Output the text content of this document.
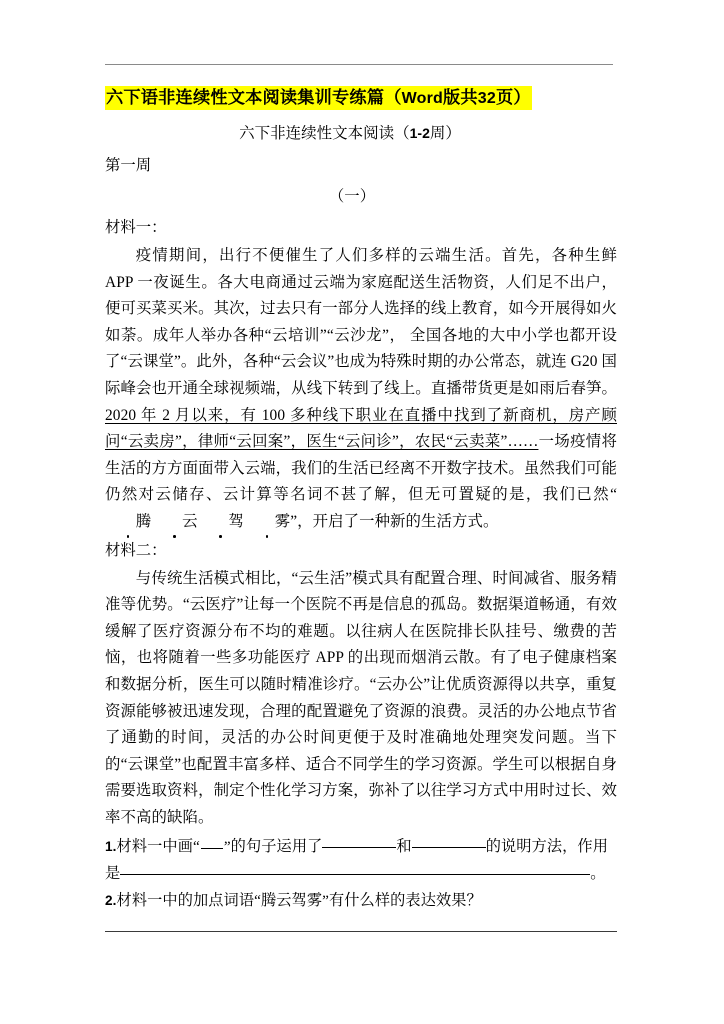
六下语非连续性文本阅读集训专练篇（Word版共32页）
六下非连续性文本阅读（1-2周）
第一周
（一）
材料一：

疫情期间，出行不便催生了人们多样的云端生活。首先，各种生鲜 APP 一夜诞生。各大电商通过云端为家庭配送生活物资，人们足不出户，便可买菜买米。其次，过去只有一部分人选择的线上教育，如今开展得如火如荼。成年人举办各种“云培训”“云沙龙”， 全国各地的大中小学也都开设了“云课堂”。此外，各种“云会议”也成为特殊时期的办公常态，就连 G20 国际峰会也开通全球视频端，从线下转到了线上。直播带货更是如雨后春笋。2020 年 2 月以来，有 100 多种线下职业在直播中找到了新商机，房产顾问“云卖房”，律师“云回案”，医生“云问诊”，农民“云卖菜”……一场疫情将生活的方方面面带入云端，我们的生活已经离不开数字技术。虽然我们可能仍然对云储存、云计算等名词不甚了解，但无可置疑的是，我们已然“腾 云 驾 雾”，开启了一种新的生活方式。

材料二：

与传统生活模式相比，“云生活”模式具有配置合理、时间减省、服务精准等优势。“云医疗”让每一个医院不再是信息的孤岛。数据渠道畅通，有效缓解了医疗资源分布不均的难题。以往病人在医院排长队挂号、缴费的苦恼，也将随着一些多功能医疗 APP 的出现而烟消云散。有了电子健康档案和数据分析，医生可以随时精准诊疗。“云办公”让优质资源得以共享，重复资源能够被迅速发现，合理的配置避免了资源的浪费。灵活的办公地点节省了通勤的时间，灵活的办公时间更便于及时准确地处理突发问题。当下的“云课堂”也配置丰富多样、适合不同学生的学习资源。学生可以根据自身需要选取资料，制定个性化学习方案，弥补了以往学习方式中用时过长、效率不高的缺陷。

1.材料一中画“ ”的句子运用了	和	的说明方法，作用
是	。

2.材料一中的加点词语“腾云驾雾”有什么样的表达效果？
